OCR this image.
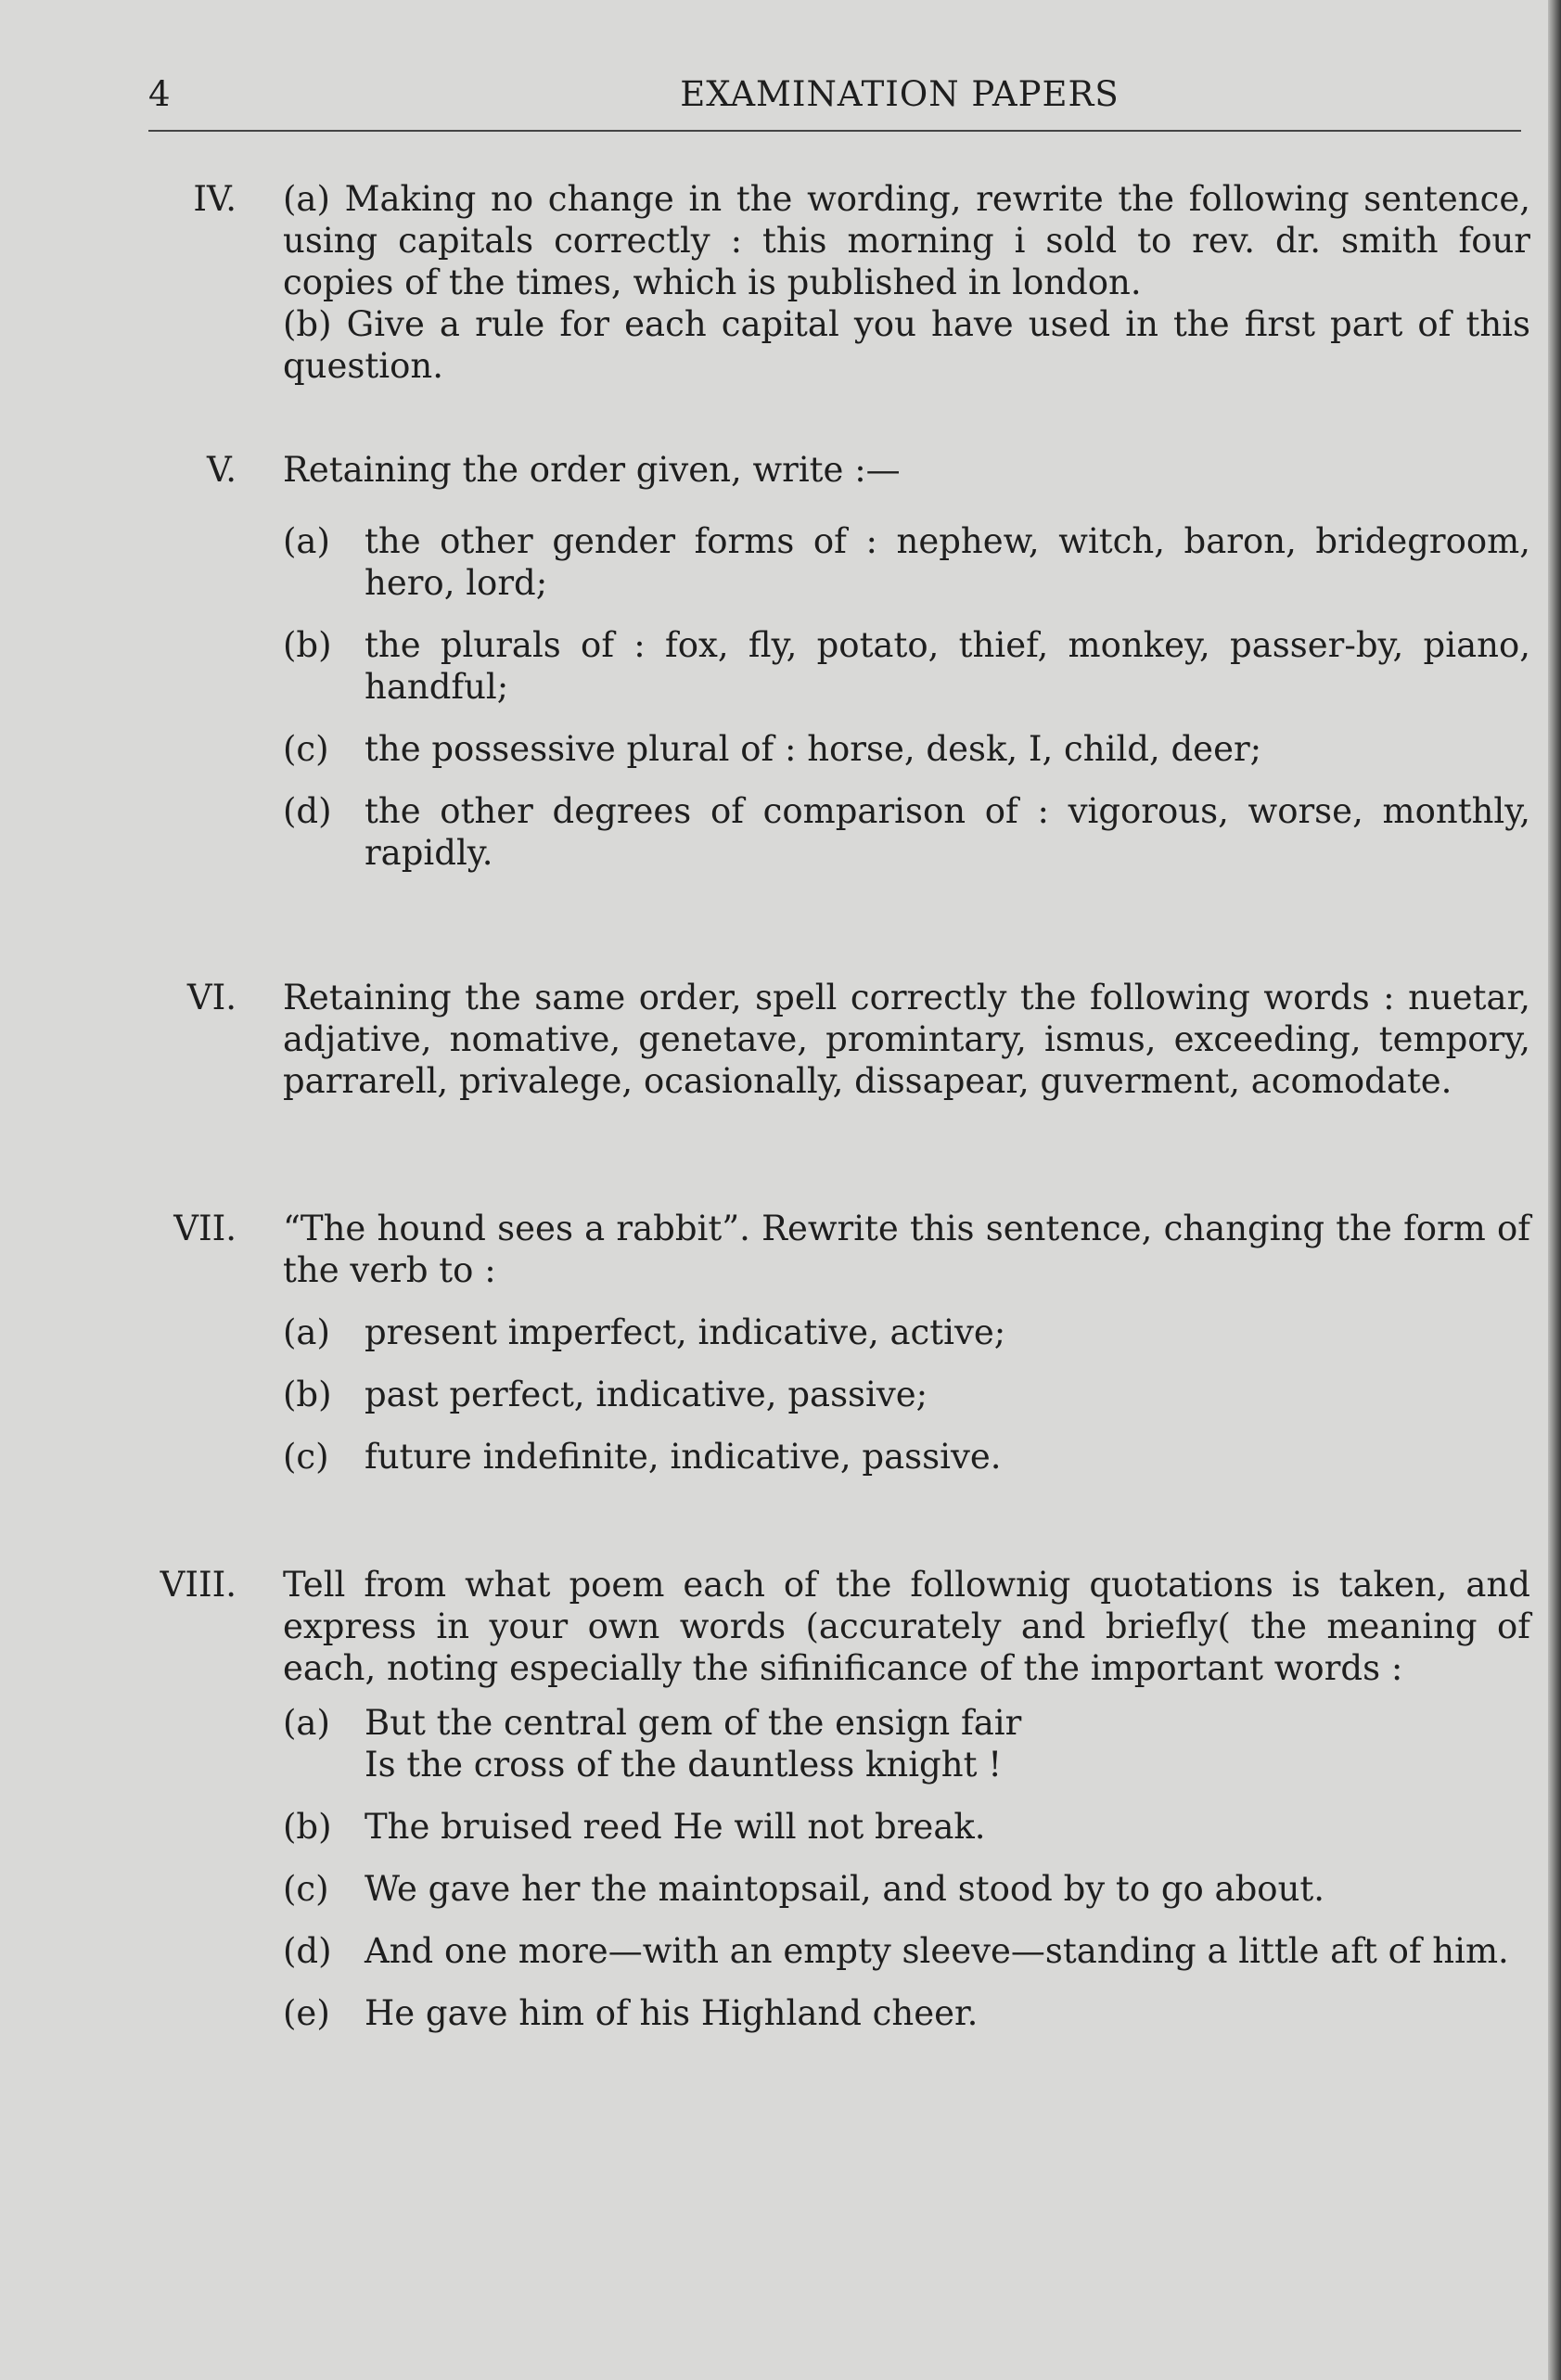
4	EXAMINATION PAPERS
IV. (a) Making no change in the wording, rewrite the following sentence, using capitals correctly : this morning i sold to rev. dr. smith four copies of the times, which is published in london.

(b) Give a rule for each capital you have used in the first part of this question.

V. Retaining the order given, write :—

(a)	the other gender forms of : nephew, witch, baron, bridegroom, hero, lord;
(b) the plurals of : fox, fly, potato, thief, monkey, passer-by, piano, handful;
(c)	the possessive plural of : horse, desk, I, child, deer;
(d) the other degrees of comparison of : vigorous, worse, monthly, rapidly.
VI. Retaining the same order, spell correctly the following words : nuetar, adjative, nomative, genetave, promintary, ismus, exceeding, tempory, parrarell, privalege, ocasionally, dissapear, guverment, acomodate.

VII. “The hound sees a rabbit”. Rewrite this sentence, changing the form of the verb to :

(a)	present imperfect, indicative, active;
(b) past perfect, indicative, passive;
(c)	future indefinite, indicative, passive.
VIII. Tell from what poem each of the follownig quotations is taken, and express in your own words (accurately and briefly( the meaning of each, noting especially the sifinificance of the important words :

(a)	But the central gem of the ensign fair
Is the cross of the dauntless knight !
(b) The bruised reed He will not break.
(c)	We gave her the maintopsail, and stood by to go about.
(d) And one more—with an empty sleeve—standing a little aft of him.
(e)	He gave him of his Highland cheer.
